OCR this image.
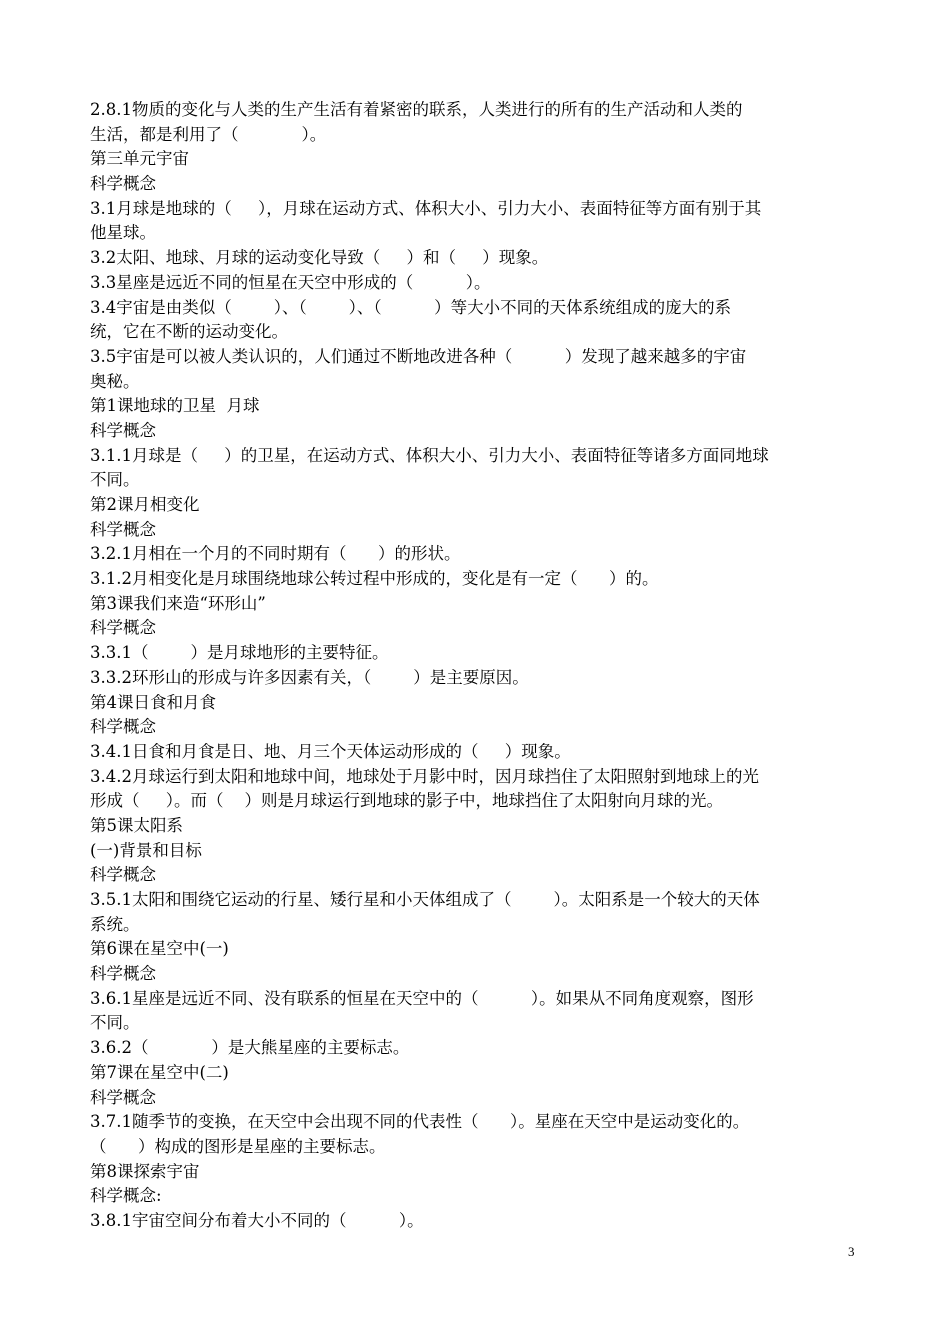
2.8.1物质的变化与人类的生产生活有着紧密的联系，人类进行的所有的生产活动和人类的
生活，都是利用了（            ）。
第三单元宇宙
科学概念
3.1月球是地球的（     ），月球在运动方式、体积大小、引力大小、表面特征等方面有别于其
他星球。
3.2太阳、地球、月球的运动变化导致（     ）和（     ）现象。
3.3星座是远近不同的恒星在天空中形成的（          ）。
3.4宇宙是由类似（        ）、（        ）、（          ）等大小不同的天体系统组成的庞大的系
统，它在不断的运动变化。
3.5宇宙是可以被人类认识的，人们通过不断地改进各种（          ）发现了越来越多的宇宙
奥秘。
第1课地球的卫星  月球
科学概念
3.1.1月球是（     ）的卫星，在运动方式、体积大小、引力大小、表面特征等诸多方面同地球
不同。
第2课月相变化
科学概念
3.2.1月相在一个月的不同时期有（      ）的形状。
3.1.2月相变化是月球围绕地球公转过程中形成的，变化是有一定（      ）的。
第3课我们来造“环形山”
科学概念
3.3.1（        ）是月球地形的主要特征。
3.3.2环形山的形成与许多因素有关，（        ）是主要原因。
第4课日食和月食
科学概念
3.4.1日食和月食是日、地、月三个天体运动形成的（     ）现象。
3.4.2月球运行到太阳和地球中间，地球处于月影中时，因月球挡住了太阳照射到地球上的光
形成（     ）。而（    ）则是月球运行到地球的影子中，地球挡住了太阳射向月球的光。
第5课太阳系
(一)背景和目标
科学概念
3.5.1太阳和围绕它运动的行星、矮行星和小天体组成了（        ）。太阳系是一个较大的天体
系统。
第6课在星空中(一)
科学概念
3.6.1星座是远近不同、没有联系的恒星在天空中的（          ）。如果从不同角度观察，图形
不同。
3.6.2（            ）是大熊星座的主要标志。
第7课在星空中(二)
科学概念
3.7.1随季节的变换，在天空中会出现不同的代表性（      ）。星座在天空中是运动变化的。
（      ）构成的图形是星座的主要标志。
第8课探索宇宙
科学概念:
3.8.1宇宙空间分布着大小不同的（          ）。
3
